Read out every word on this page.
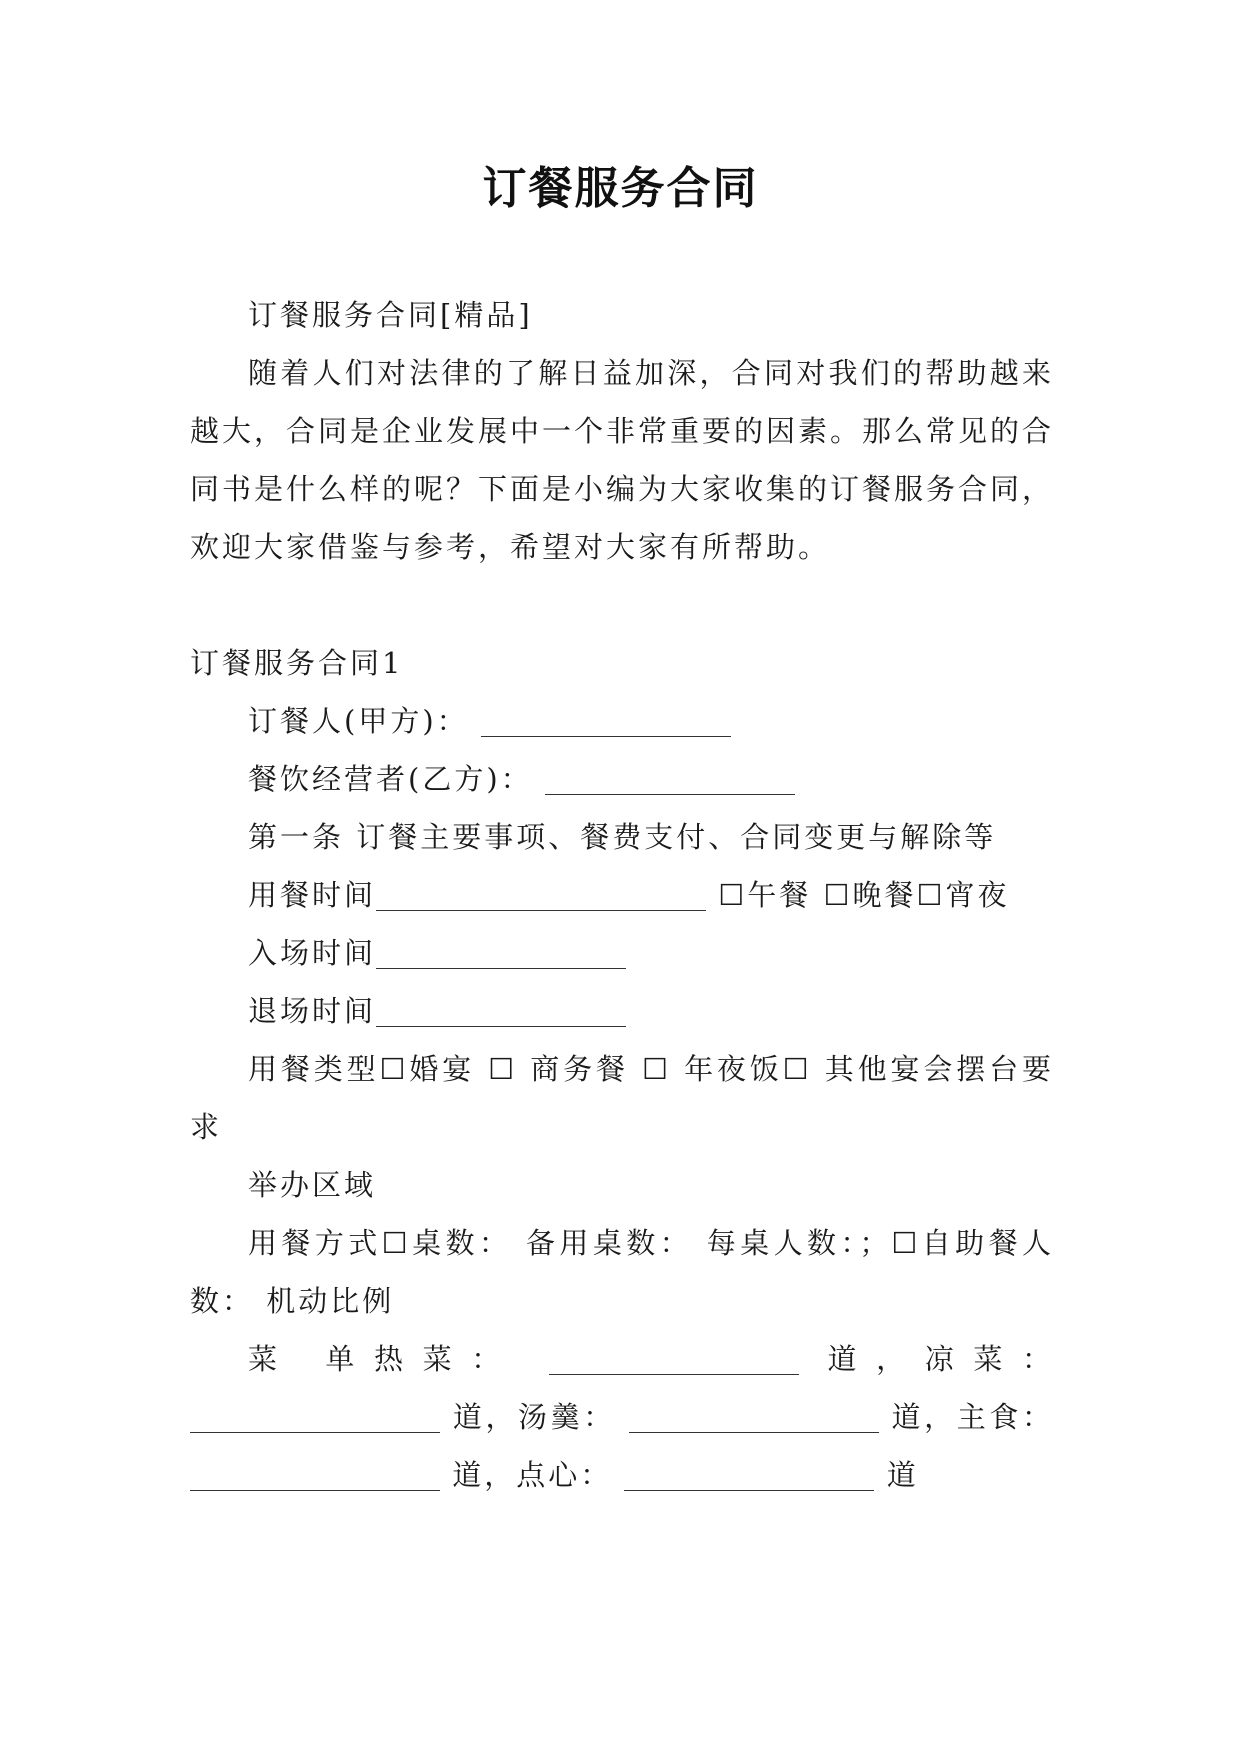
订餐服务合同

订餐服务合同[精品]

随着人们对法律的了解日益加深，合同对我们的帮助越来越大，合同是企业发展中一个非常重要的因素。那么常见的合同书是什么样的呢？下面是小编为大家收集的订餐服务合同，欢迎大家借鉴与参考，希望对大家有所帮助。

订餐服务合同1

订餐人(甲方)：

餐饮经营者(乙方)：

第一条 订餐主要事项、餐费支付、合同变更与解除等

用餐时间	☐午餐 ☐晚餐☐宵夜

入场时间

退场时间

用餐类型☐婚宴 ☐ 商务餐 ☐ 年夜饭☐ 其他宴会摆台要求

举办区域

用餐方式☐桌数： 备用桌数： 每桌人数：；☐自助餐人数： 机动比例

菜 单热菜：	道，凉菜：  道，汤羹：	道，主食：  道，点心：	道
